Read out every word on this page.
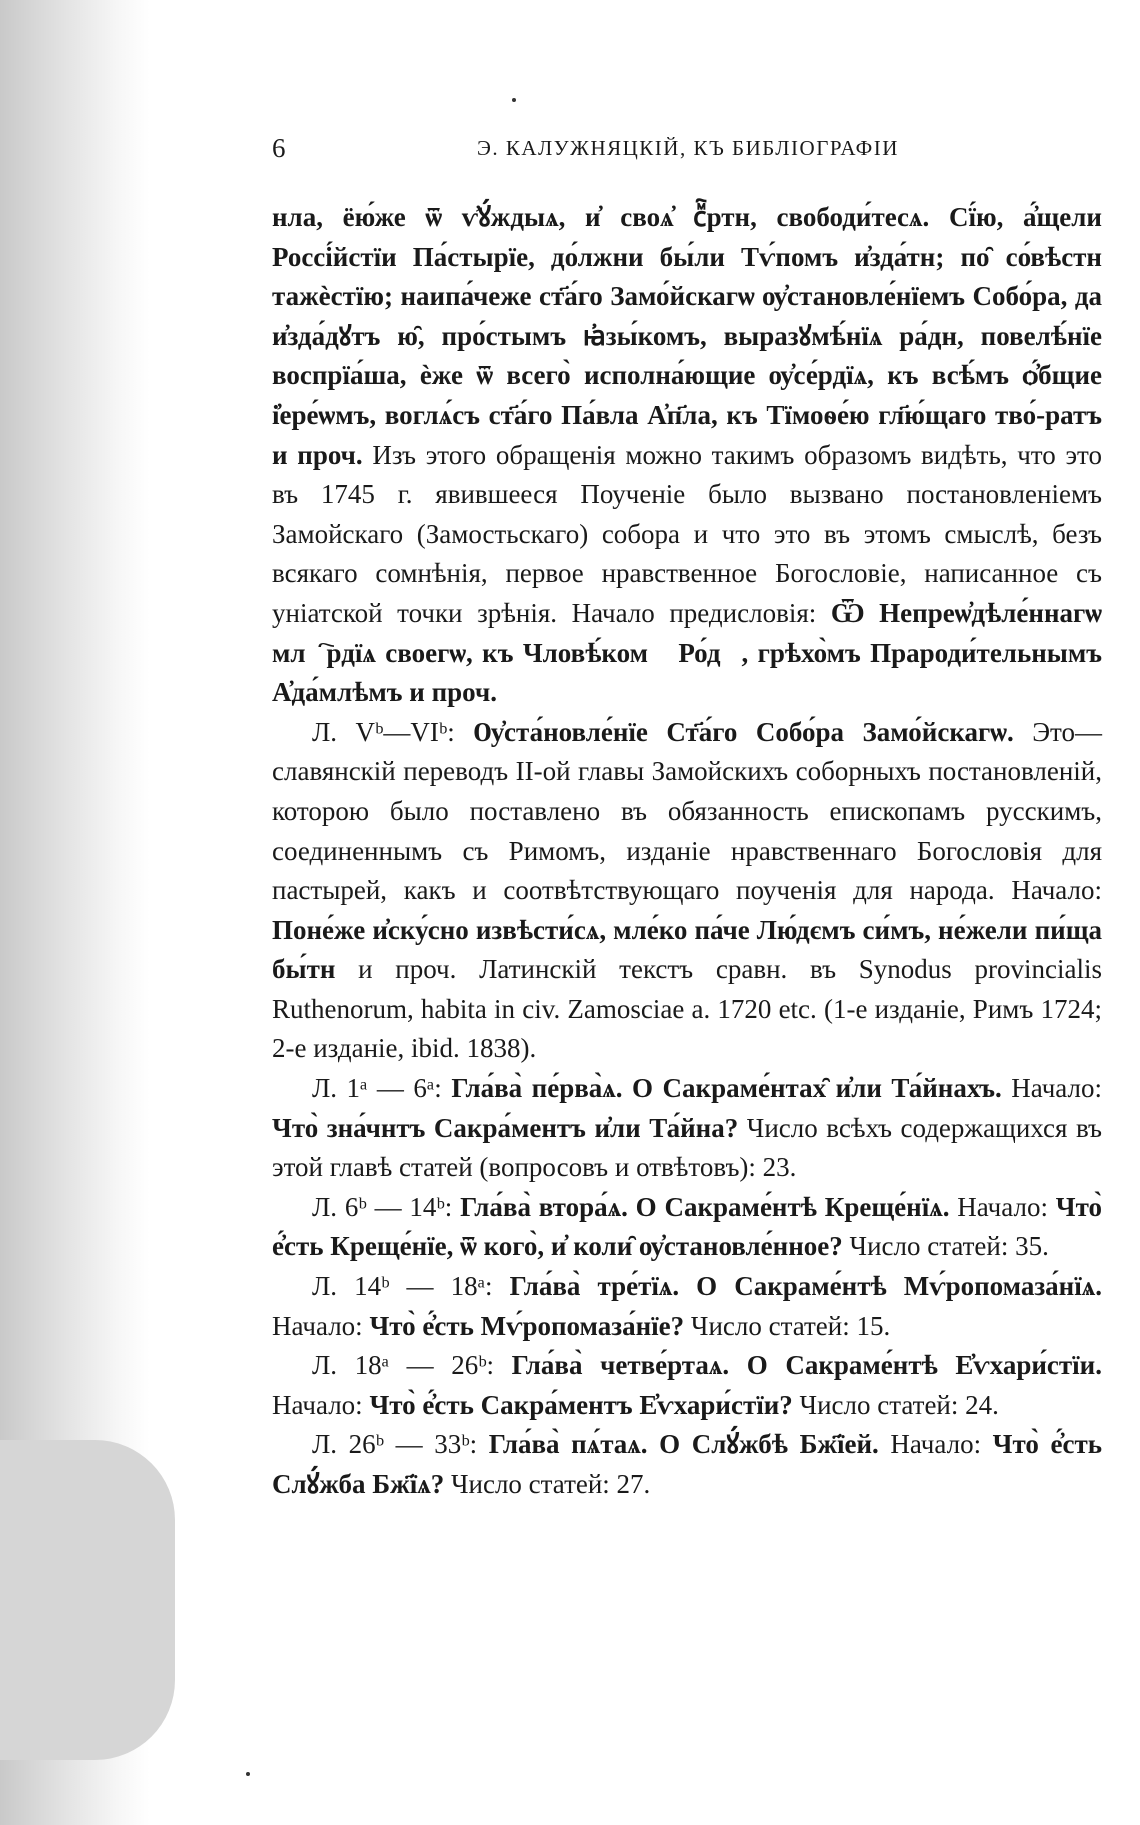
6	Э. КАЛУЖНЯЦКІЙ, КЪ БИБЛІОГРАФІИ

нла, ёю́же ѿ ѵ҆ꙋ́ждыѧ, и҆ своѧ҆ сⷨ҇ртн, свободи́тесѧ. Сї́ю, а҆́щели Россі́йстїи Па́стырїе, до́лжни бы́ли Тѵ́помъ и҆зда́тн; по̑ со́вѣстн тажѐстїю; наипа́чеже ст҃а́го Замо́йскагѡ ѹ҆становле́нїемъ Собо́ра, да и҆зда́дꙋтъ ю̑, про́стымъ ꙗ҆зы́комъ, выразꙋмѣ́нїѧ ра́дн, повелѣ́нїе воспрїа́ша, ѐже ѿ всего̀ исполна́ющие ѹ҆се́рдїѧ, къ всѣ́мъ ѻ҆́бщие і҆ере́ѡмъ, воглѧ́съ ст҃а́го Па́вла А҆п҃ла, къ Тїмоѳе́ю гл҃ю́щаго тво́-ратъ и проч. Изъ этого обращенія можно такимъ образомъ видѣть, что это въ 1745 г. явившееся Поученіе было вызвано постановленіемъ Замойскаго (Замостьскаго) собора и что это въ этомъ смыслѣ, безъ всякаго сомнѣнія, первое нравственное Богословіе, написанное съ уніатской точки зрѣнія. Начало предисловія: Ѿ Непреѡ҆дѣле́ннагѡ млⷭ҇рдїѧ своегѡ, къ Чловѣ́комꙋ Ро́дꙋ, грѣхо̀мъ Прароди́тельнымъ А҆да́млѣмъ и проч.

Л. Vᵇ—VIᵇ: Ѹ҆ста́новле́нїе Ст҃а́го Собо́ра Замо́йскагѡ. Это—славянскій переводъ II-ой главы Замойскихъ соборныхъ постановленій, которою было поставлено въ обязанность епископамъ русскимъ, соединеннымъ съ Римомъ, изданіе нравственнаго Богословія для пастырей, какъ и соотвѣтствующаго поученія для народа. Начало: Поне́же и҆ску́сно извѣсти́сѧ, мле́ко па́че Лю́дємъ си́мъ, не́жели пи́ща бы́тн и проч. Латинскій текстъ сравн. въ Synodus provincialis Ruthenorum, habita in civ. Zamosciae a. 1720 etc. (1-е изданіе, Римъ 1724; 2-е изданіе, ibid. 1838).

Л. 1ᵃ — 6ᵃ: Гла́ва̀ пе́рва̀ѧ. О Сакраме́нтах̑ и҆ли Та́йнахъ. Начало: Что̀ зна́чнтъ Сакра́ментъ и҆ли Та́йна? Число всѣхъ содержащихся въ этой главѣ статей (вопросовъ и отвѣтовъ): 23.

Л. 6ᵇ — 14ᵇ: Гла́ва̀ втора́ѧ. О Сакраме́нтѣ Креще́нїѧ. Начало: Что̀ е҆́сть Креще́нїе, ѿ кого̀, и҆ коли̑ ѹ҆становле́нное? Число статей: 35.

Л. 14ᵇ — 18ᵃ: Гла́ва̀ тре́тїѧ. О Сакраме́нтѣ Мѵ́ропомаза́нїѧ. Начало: Что̀ е҆́сть Мѵ́ропомаза́нїе? Число статей: 15.

Л. 18ᵃ — 26ᵇ: Гла́ва̀ четве́ртаѧ. О Сакраме́нтѣ Е҆ѵхари́стїи. Начало: Что̀ е҆́сть Сакра́ментъ Е҆ѵхари́стїи? Число статей: 24.

Л. 26ᵇ — 33ᵇ: Гла́ва̀ пѧ́таѧ. О Слꙋ́жбѣ Бж҃їей. Начало: Что̀ е҆́сть Слꙋ́жба Бж҃їѧ? Число статей: 27.
